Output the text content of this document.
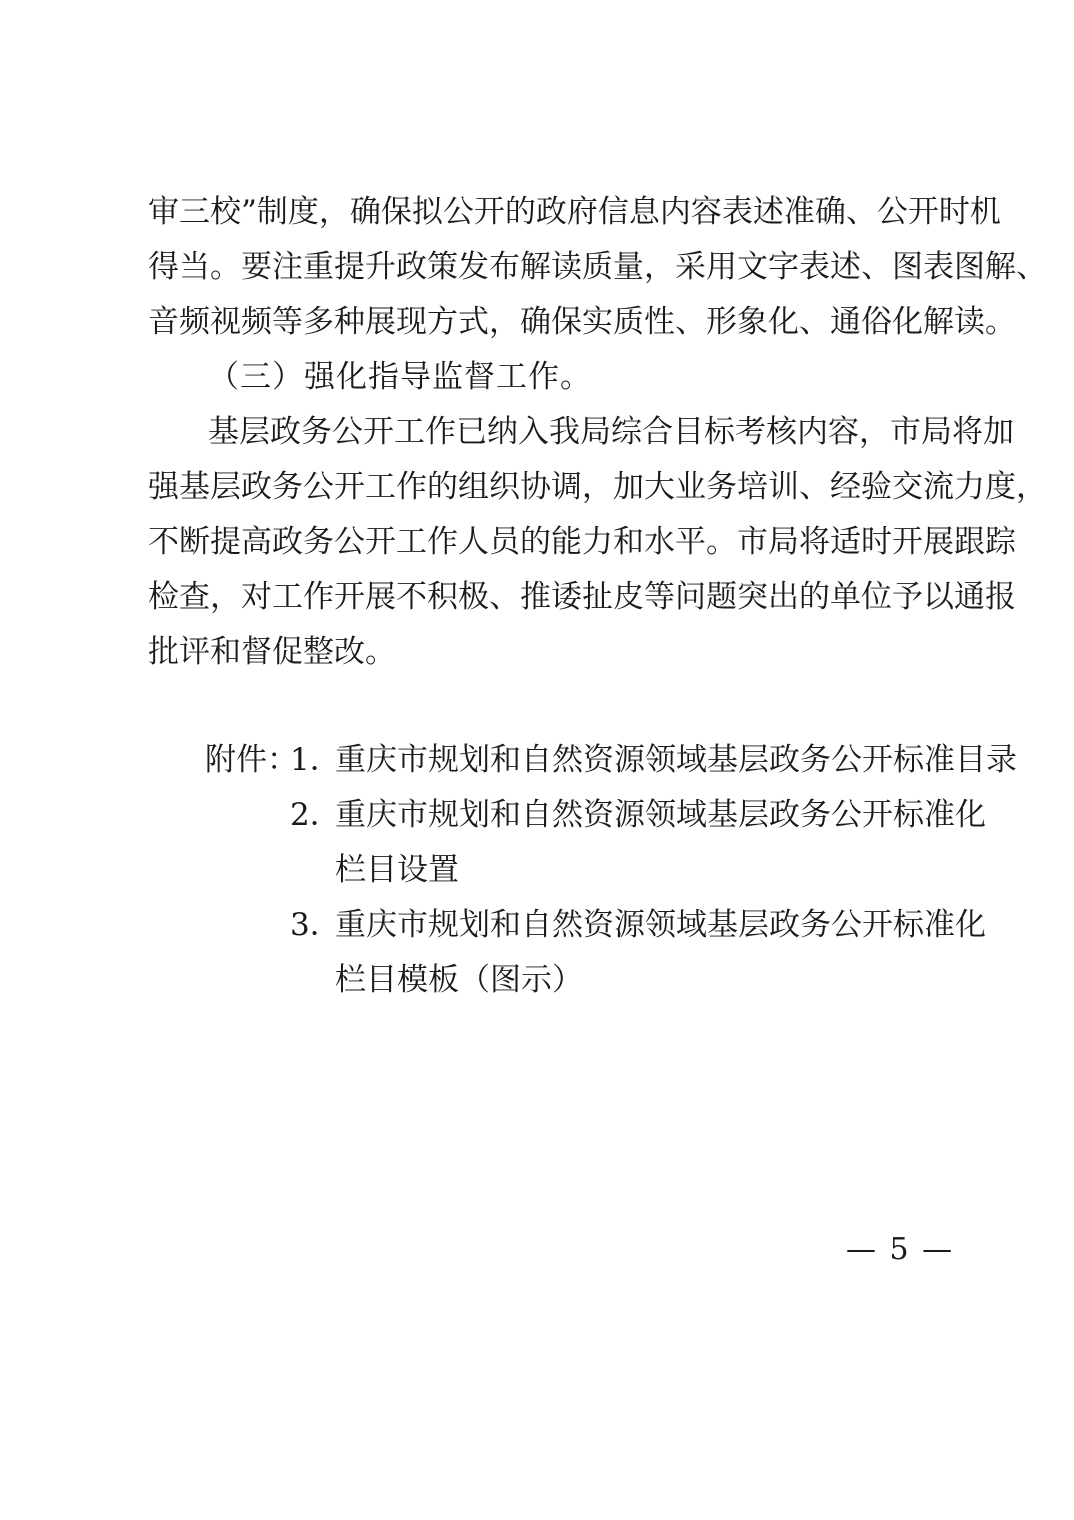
审三校”制度，确保拟公开的政府信息内容表述准确、公开时机
得当。要注重提升政策发布解读质量，采用文字表述、图表图解、
音频视频等多种展现方式，确保实质性、形象化、通俗化解读。
（三）强化指导监督工作。
基层政务公开工作已纳入我局综合目标考核内容，市局将加
强基层政务公开工作的组织协调，加大业务培训、经验交流力度，
不断提高政务公开工作人员的能力和水平。市局将适时开展跟踪
检查，对工作开展不积极、推诿扯皮等问题突出的单位予以通报
批评和督促整改。
附件：
1．
重庆市规划和自然资源领域基层政务公开标准目录
2．
重庆市规划和自然资源领域基层政务公开标准化
栏目设置
3．
重庆市规划和自然资源领域基层政务公开标准化
栏目模板（图示）
— 5 —
